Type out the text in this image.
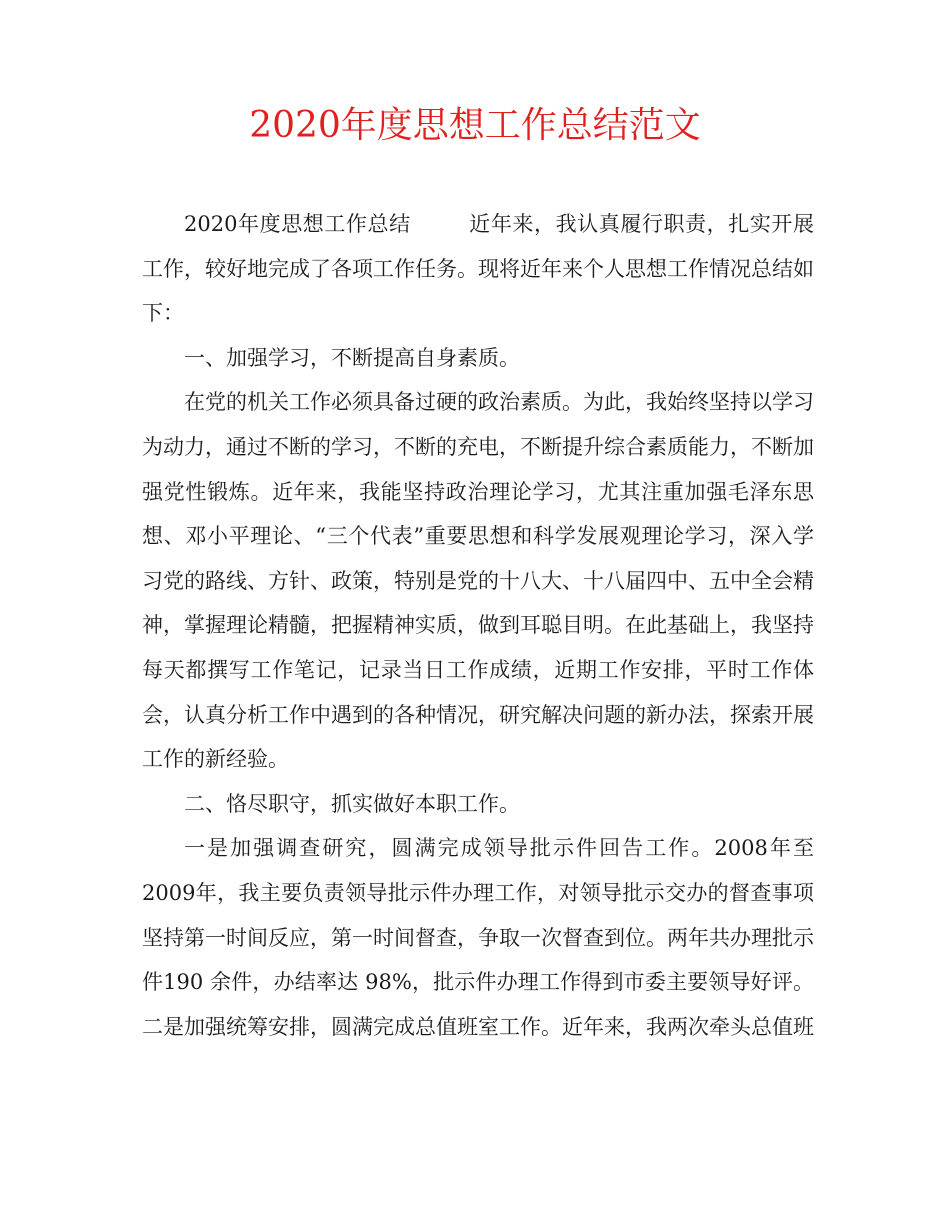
2020年度思想工作总结范文

2020年度思想工作总结	近年来，我认真履行职责，扎实开展工作，较好地完成了各项工作任务。现将近年来个人思想工作情况总结如下：

一、加强学习，不断提高自身素质。

在党的机关工作必须具备过硬的政治素质。为此，我始终坚持以学习为动力，通过不断的学习，不断的充电，不断提升综合素质能力，不断加强党性锻炼。近年来，我能坚持政治理论学习，尤其注重加强毛泽东思想、邓小平理论、“三个代表”重要思想和科学发展观理论学习，深入学习党的路线、方针、政策，特别是党的十八大、十八届四中、五中全会精神，掌握理论精髓，把握精神实质，做到耳聪目明。在此基础上，我坚持每天都撰写工作笔记，记录当日工作成绩，近期工作安排，平时工作体会，认真分析工作中遇到的各种情况，研究解决问题的新办法，探索开展工作的新经验。

二、恪尽职守，抓实做好本职工作。

一是加强调查研究，圆满完成领导批示件回告工作。2008年至2009年，我主要负责领导批示件办理工作，对领导批示交办的督查事项坚持第一时间反应，第一时间督查，争取一次督查到位。两年共办理批示件190 余件，办结率达 98%，批示件办理工作得到市委主要领导好评。二是加强统筹安排，圆满完成总值班室工作。近年来，我两次牵头总值班
